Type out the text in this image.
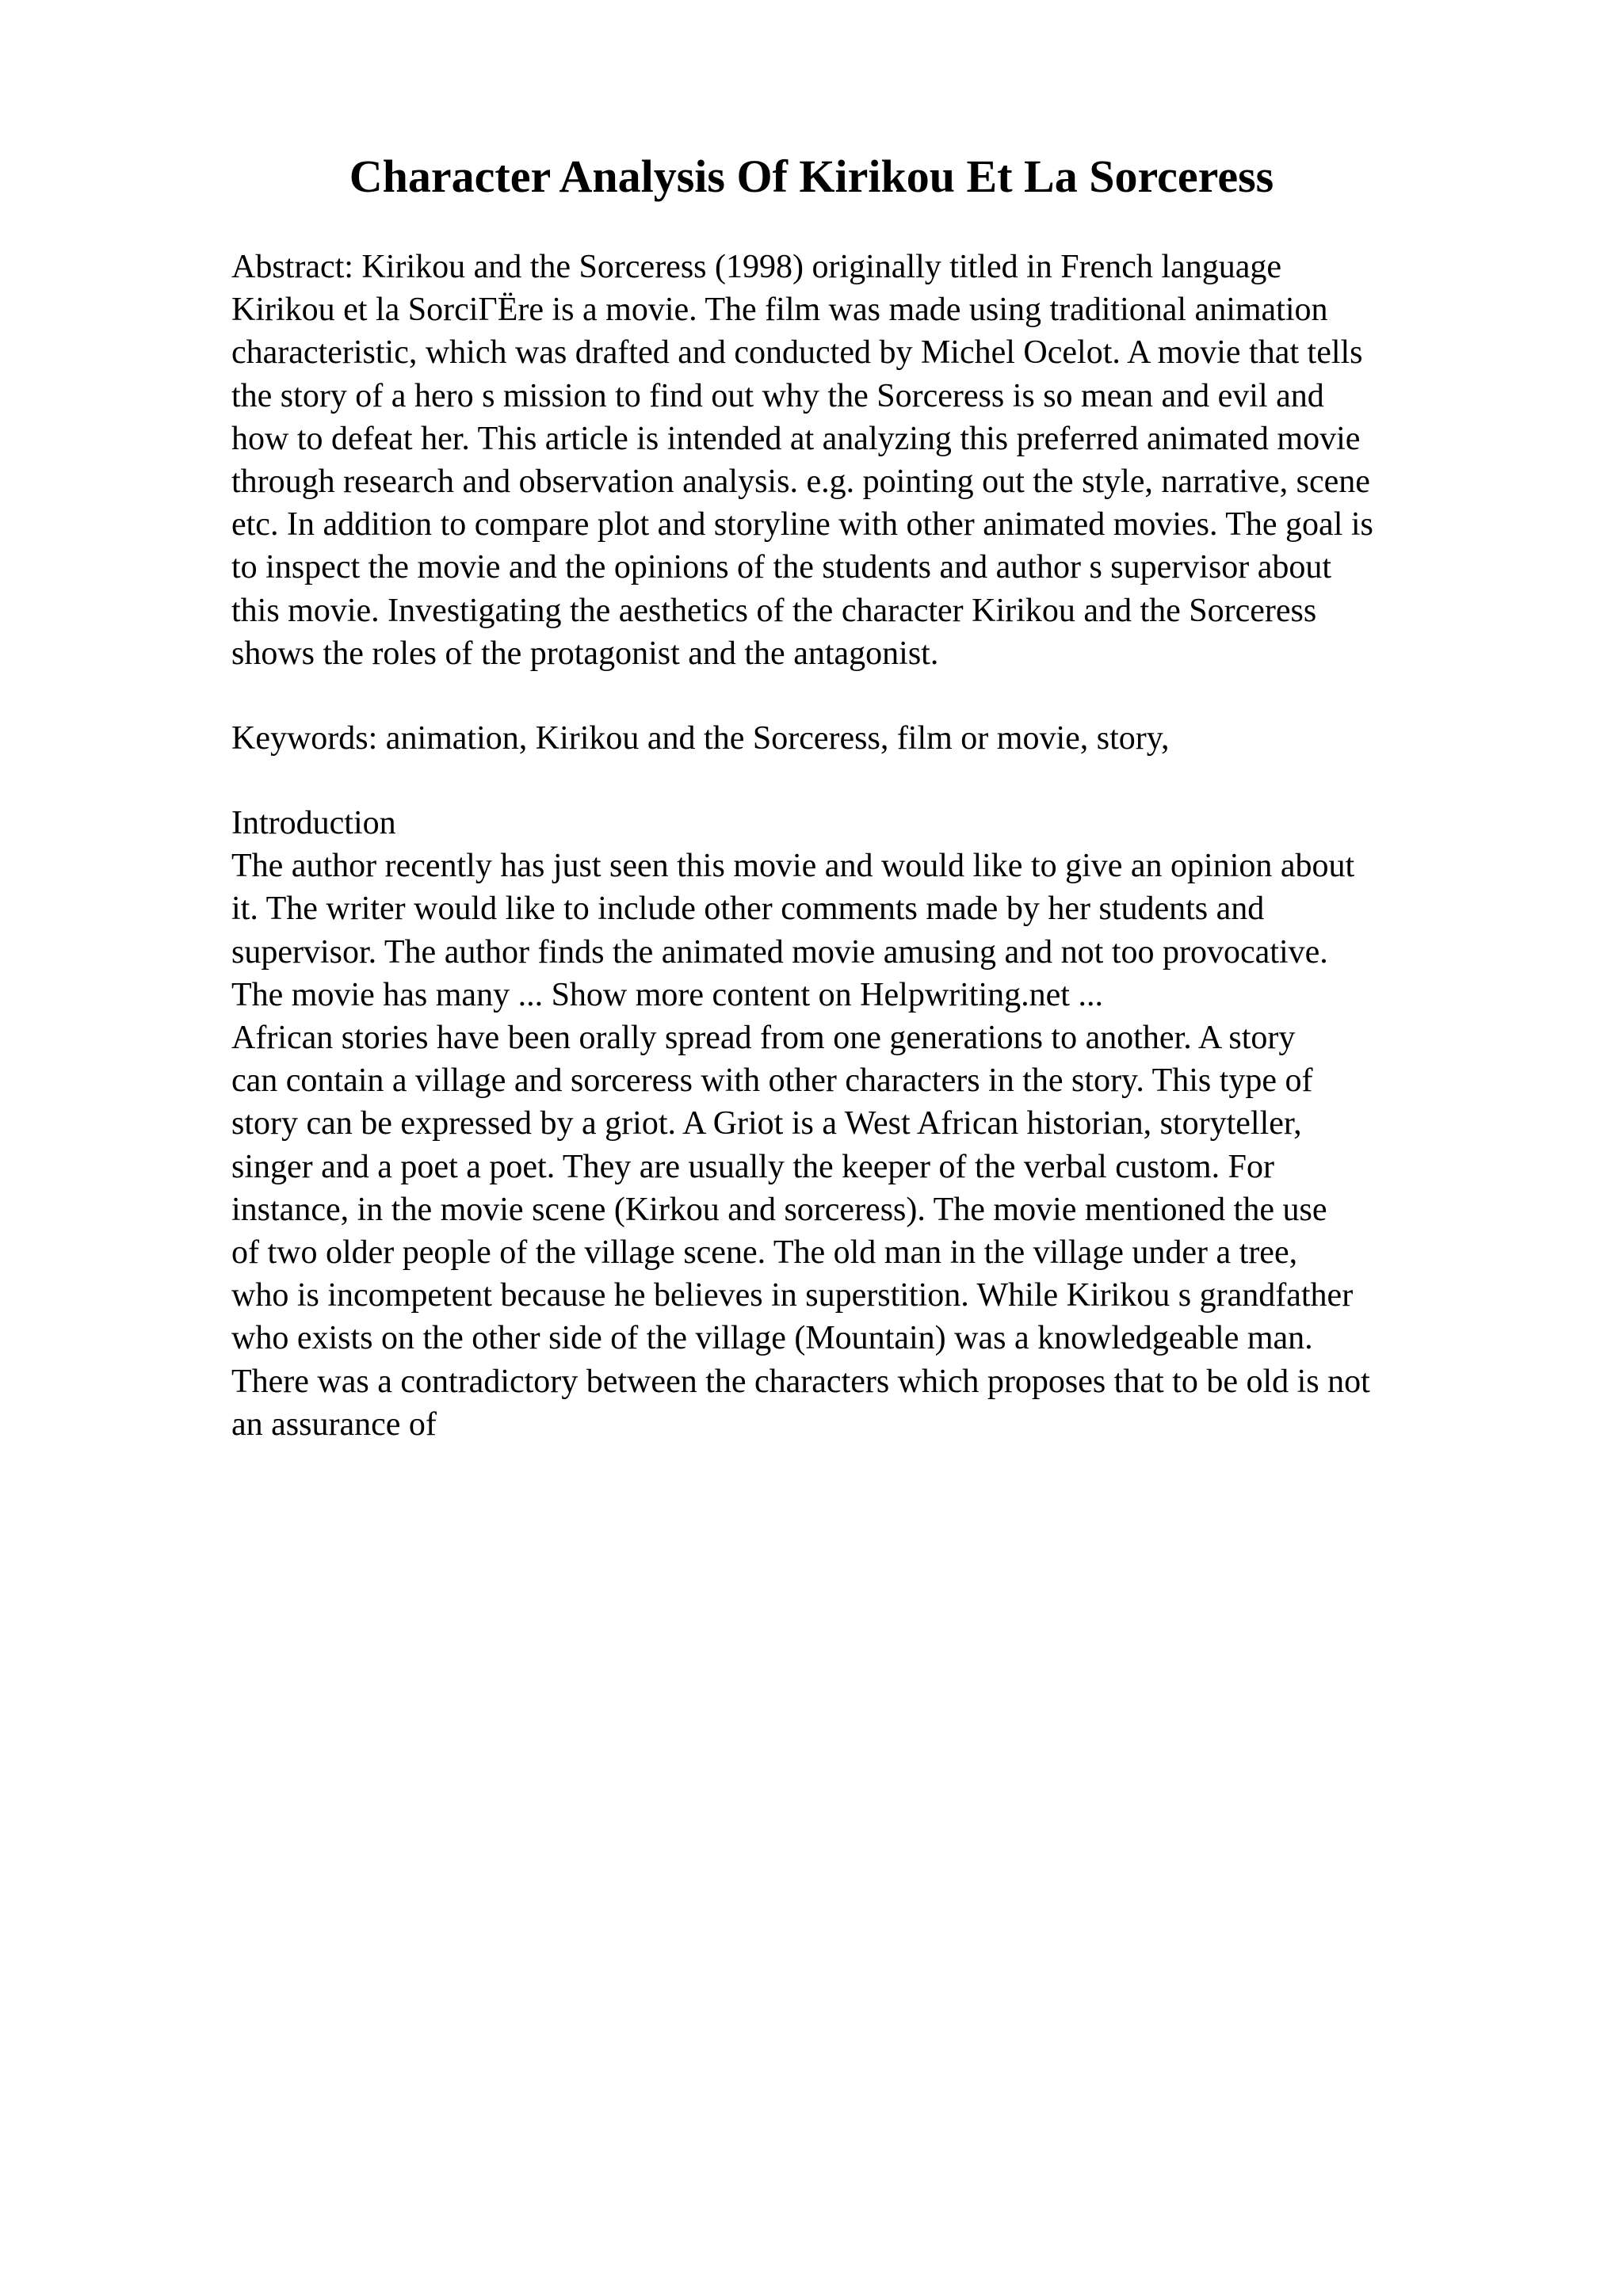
Character Analysis Of Kirikou Et La Sorceress
Abstract: Kirikou and the Sorceress (1998) originally titled in French language
Kirikou et la SorciГЁre is a movie. The film was made using traditional animation
characteristic, which was drafted and conducted by Michel Ocelot. A movie that tells
the story of a hero s mission to find out why the Sorceress is so mean and evil and
how to defeat her. This article is intended at analyzing this preferred animated movie
through research and observation analysis. e.g. pointing out the style, narrative, scene
etc. In addition to compare plot and storyline with other animated movies. The goal is
to inspect the movie and the opinions of the students and author s supervisor about
this movie. Investigating the aesthetics of the character Kirikou and the Sorceress
shows the roles of the protagonist and the antagonist.
Keywords: animation, Kirikou and the Sorceress, film or movie, story,
Introduction
The author recently has just seen this movie and would like to give an opinion about
it. The writer would like to include other comments made by her students and
supervisor. The author finds the animated movie amusing and not too provocative.
The movie has many ... Show more content on Helpwriting.net ...
African stories have been orally spread from one generations to another. A story
can contain a village and sorceress with other characters in the story. This type of
story can be expressed by a griot. A Griot is a West African historian, storyteller,
singer and a poet a poet. They are usually the keeper of the verbal custom. For
instance, in the movie scene (Kirkou and sorceress). The movie mentioned the use
of two older people of the village scene. The old man in the village under a tree,
who is incompetent because he believes in superstition. While Kirikou s grandfather
who exists on the other side of the village (Mountain) was a knowledgeable man.
There was a contradictory between the characters which proposes that to be old is not
an assurance of
